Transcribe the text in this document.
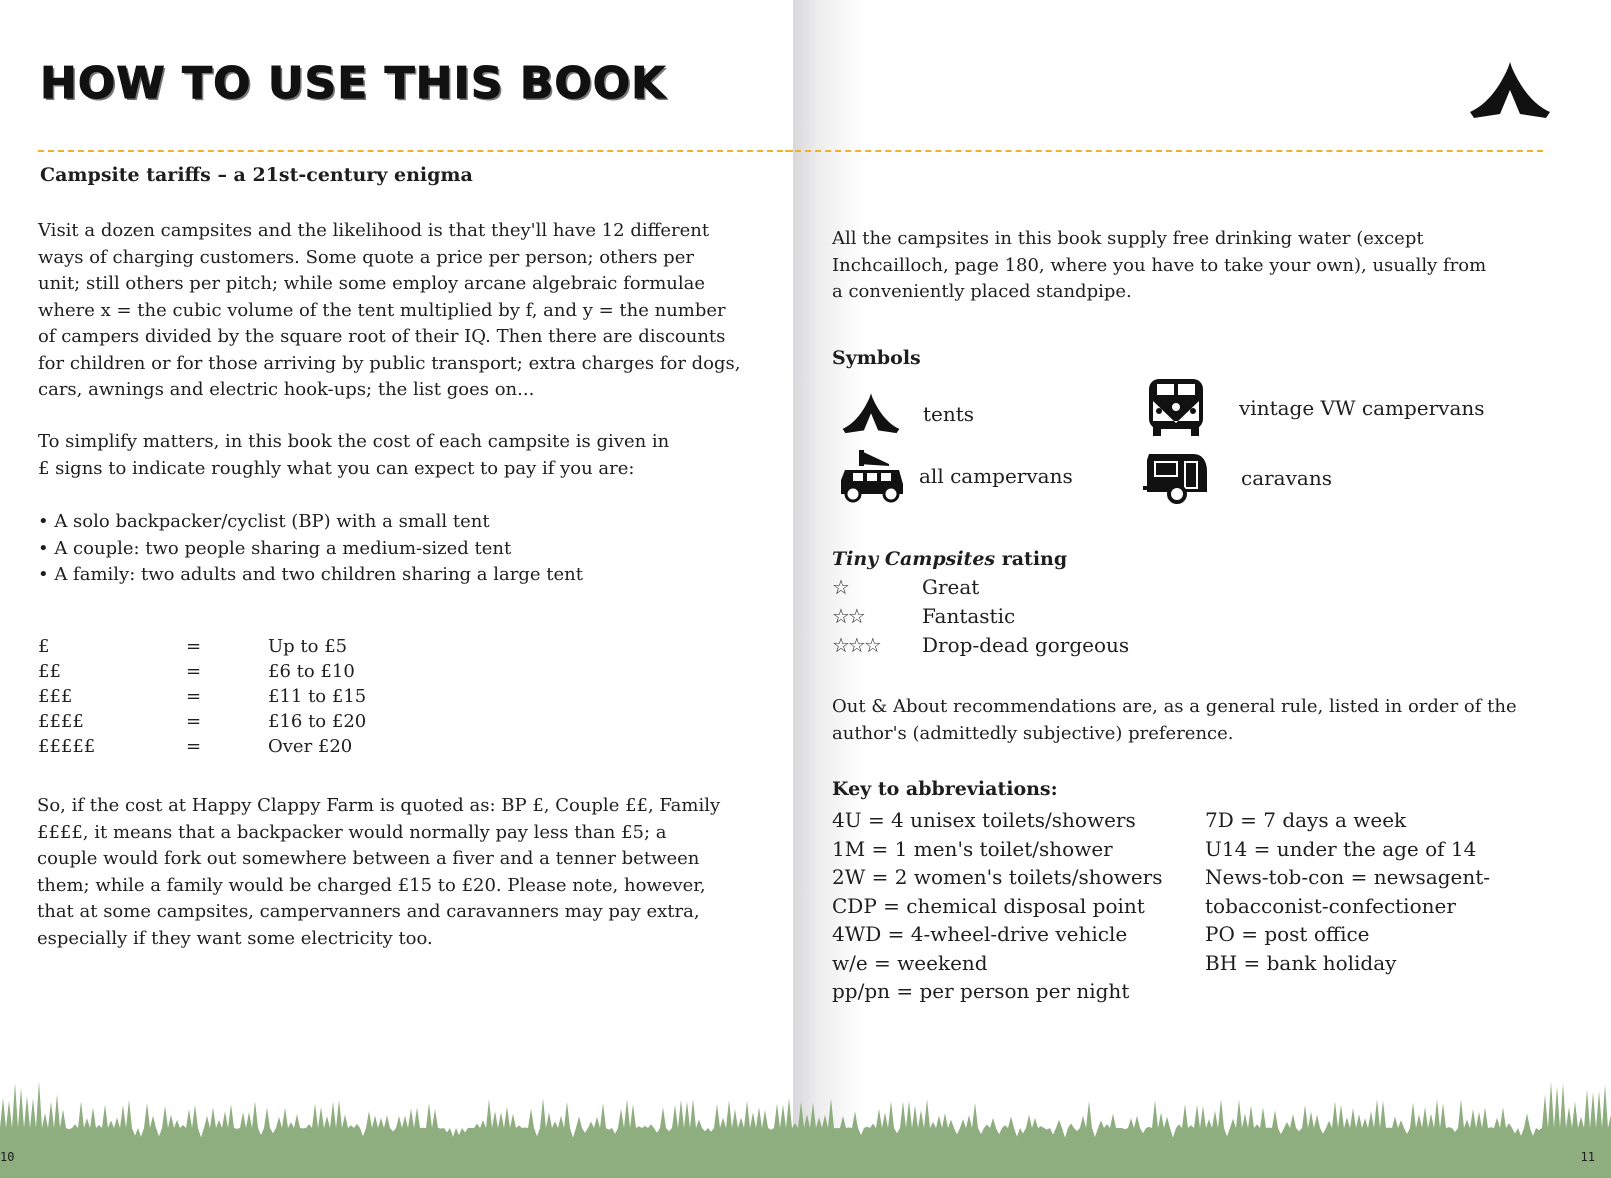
HOW TO USE THIS BOOK
Campsite tariffs – a 21st-century enigma
Visit a dozen campsites and the likelihood is that they'll have 12 different
ways of charging customers. Some quote a price per person; others per
unit; still others per pitch; while some employ arcane algebraic formulae
where x = the cubic volume of the tent multiplied by f, and y = the number
of campers divided by the square root of their IQ. Then there are discounts
for children or for those arriving by public transport; extra charges for dogs,
cars, awnings and electric hook-ups; the list goes on...
To simplify matters, in this book the cost of each campsite is given in
£ signs to indicate roughly what you can expect to pay if you are:
• A solo backpacker/cyclist (BP) with a small tent
• A couple: two people sharing a medium-sized tent
• A family: two adults and two children sharing a large tent
£	=	Up to £5
££	=	£6 to £10
£££	=	£11 to £15
££££	=	£16 to £20
£££££	=	Over £20
So, if the cost at Happy Clappy Farm is quoted as: BP £, Couple ££, Family
££££, it means that a backpacker would normally pay less than £5; a
couple would fork out somewhere between a fiver and a tenner between
them; while a family would be charged £15 to £20. Please note, however,
that at some campsites, campervanners and caravanners may pay extra,
especially if they want some electricity too.
All the campsites in this book supply free drinking water (except
Inchcailloch, page 180, where you have to take your own), usually from
a conveniently placed standpipe.
Symbols
tents	vintage VW campervans
all campervans	caravans
Tiny Campsites rating
☆	Great
☆☆	Fantastic
☆☆☆	Drop-dead gorgeous
Out & About recommendations are, as a general rule, listed in order of the
author's (admittedly subjective) preference.
Key to abbreviations:
4U = 4 unisex toilets/showers
1M = 1 men's toilet/shower
2W = 2 women's toilets/showers
CDP = chemical disposal point
4WD = 4-wheel-drive vehicle
w/e = weekend
pp/pn = per person per night
7D = 7 days a week
U14 = under the age of 14
News-tob-con = newsagent-
tobacconist-confectioner
PO = post office
BH = bank holiday
10	11
